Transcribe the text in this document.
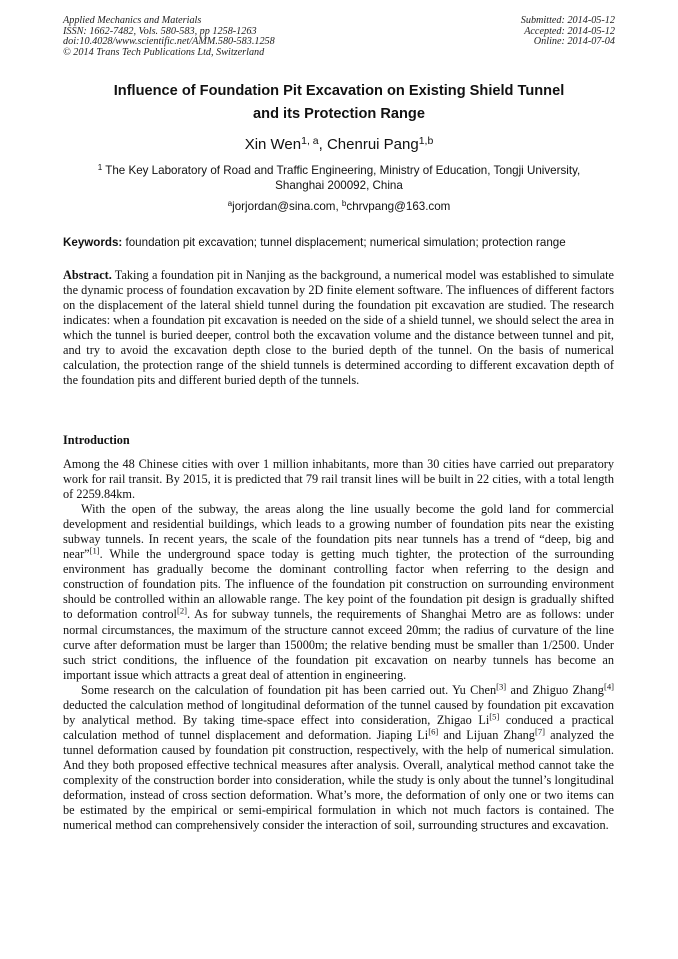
Applied Mechanics and Materials
ISSN: 1662-7482, Vols. 580-583, pp 1258-1263
doi:10.4028/www.scientific.net/AMM.580-583.1258
© 2014 Trans Tech Publications Ltd, Switzerland
Submitted: 2014-05-12
Accepted: 2014-05-12
Online: 2014-07-04
Influence of Foundation Pit Excavation on Existing Shield Tunnel
and its Protection Range
Xin Wen$^{1, a}$, Chenrui Pang$^{1,b}$
$^1$ The Key Laboratory of Road and Traffic Engineering, Ministry of Education, Tongji University,
Shanghai 200092, China
$^a$jorjordan@sina.com, $^b$chrvpang@163.com
Keywords: foundation pit excavation; tunnel displacement; numerical simulation; protection range
Abstract. Taking a foundation pit in Nanjing as the background, a numerical model was established to simulate the dynamic process of foundation excavation by 2D finite element software. The influences of different factors on the displacement of the lateral shield tunnel during the foundation pit excavation are studied. The research indicates: when a foundation pit excavation is needed on the side of a shield tunnel, we should select the area in which the tunnel is buried deeper, control both the excavation volume and the distance between tunnel and pit, and try to avoid the excavation depth close to the buried depth of the tunnel. On the basis of numerical calculation, the protection range of the shield tunnels is determined according to different excavation depth of the foundation pits and different buried depth of the tunnels.
Introduction

Among the 48 Chinese cities with over 1 million inhabitants, more than 30 cities have carried out preparatory work for rail transit. By 2015, it is predicted that 79 rail transit lines will be built in 22 cities, with a total length of 2259.84km.

With the open of the subway, the areas along the line usually become the gold land for commercial development and residential buildings, which leads to a growing number of foundation pits near the existing subway tunnels. In recent years, the scale of the foundation pits near tunnels has a trend of “deep, big and near”[1]. While the underground space today is getting much tighter, the protection of the surrounding environment has gradually become the dominant controlling factor when referring to the design and construction of foundation pits. The influence of the foundation pit construction on surrounding environment should be controlled within an allowable range. The key point of the foundation pit design is gradually shifted to deformation control[2]. As for subway tunnels, the requirements of Shanghai Metro are as follows: under normal circumstances, the maximum of the structure cannot exceed 20mm; the radius of curvature of the line curve after deformation must be larger than 15000m; the relative bending must be smaller than 1/2500. Under such strict conditions, the influence of the foundation pit excavation on nearby tunnels has become an important issue which attracts a great deal of attention in engineering.

Some research on the calculation of foundation pit has been carried out. Yu Chen[3] and Zhiguo Zhang[4] deducted the calculation method of longitudinal deformation of the tunnel caused by foundation pit excavation by analytical method. By taking time-space effect into consideration, Zhigao Li[5] conduced a practical calculation method of tunnel displacement and deformation. Jiaping Li[6] and Lijuan Zhang[7] analyzed the tunnel deformation caused by foundation pit construction, respectively, with the help of numerical simulation. And they both proposed effective technical measures after analysis. Overall, analytical method cannot take the complexity of the construction border into consideration, while the study is only about the tunnel’s longitudinal deformation, instead of cross section deformation. What’s more, the deformation of only one or two items can be estimated by the empirical or semi-empirical formulation in which not much factors is contained. The numerical method can comprehensively consider the interaction of soil, surrounding structures and excavation.
